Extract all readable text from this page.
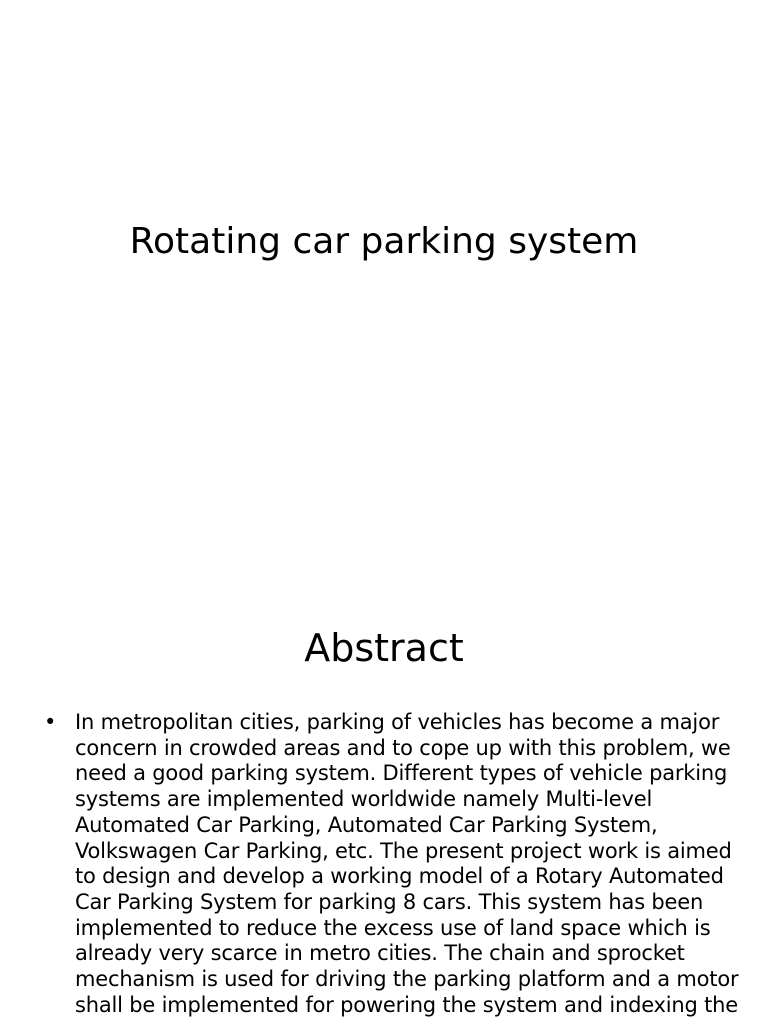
Rotating car parking system
Abstract
• In metropolitan cities, parking of vehicles has become a major concern in crowded areas and to cope up with this problem, we need a good parking system. Different types of vehicle parking systems are implemented worldwide namely Multi-level Automated Car Parking, Automated Car Parking System, Volkswagen Car Parking, etc. The present project work is aimed to design and develop a working model of a Rotary Automated Car Parking System for parking 8 cars. This system has been implemented to reduce the excess use of land space which is already very scarce in metro cities. The chain and sprocket mechanism is used for driving the parking platform and a motor shall be implemented for powering the system and indexing the
